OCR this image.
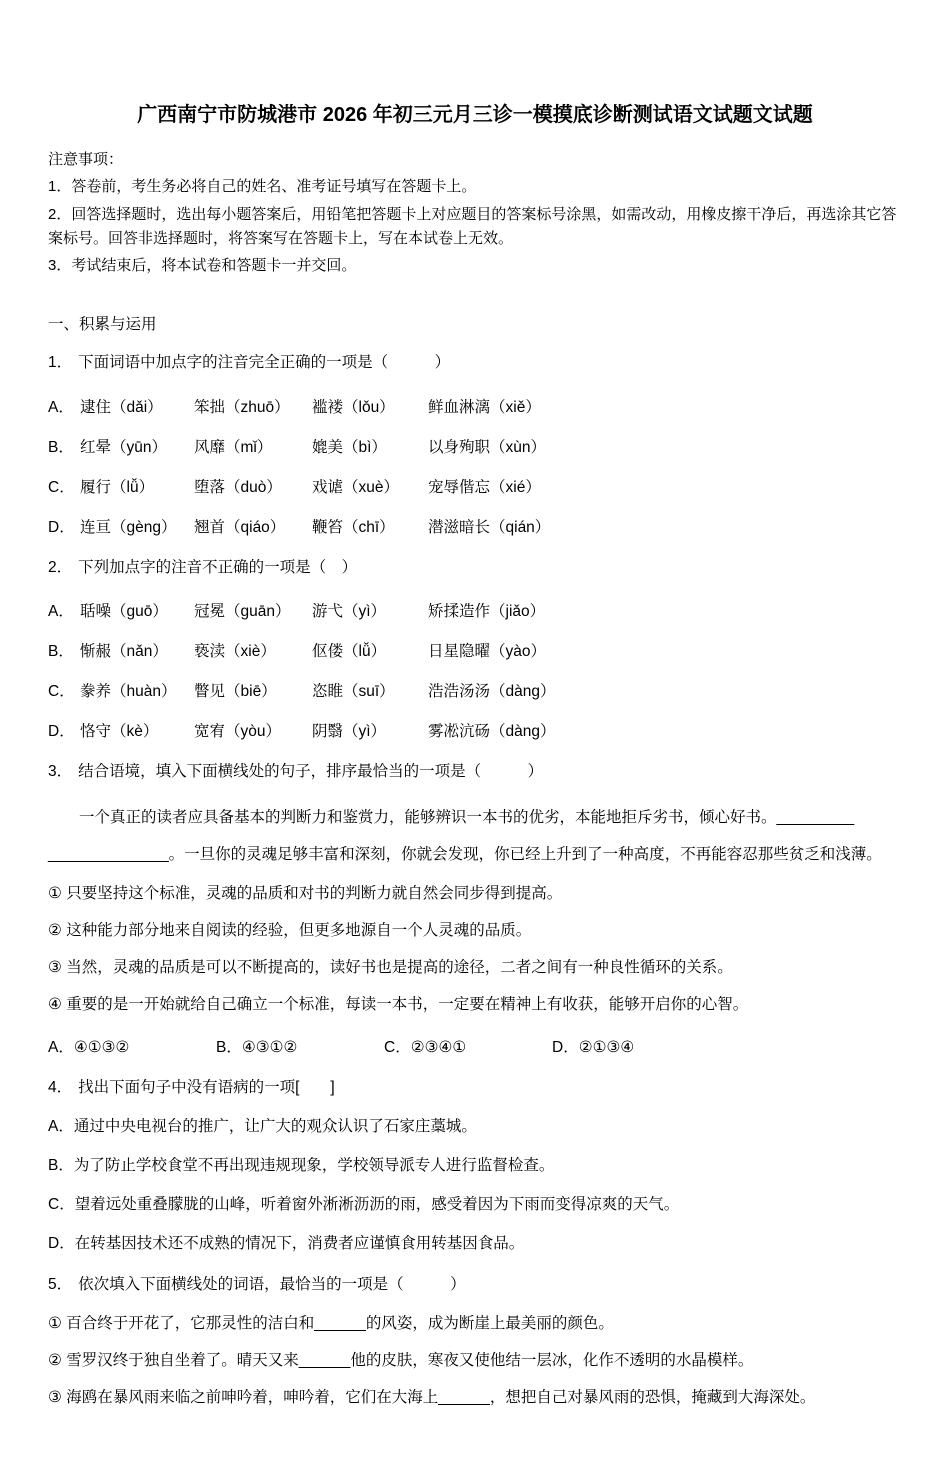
广西南宁市防城港市 2026 年初三元月三诊一模摸底诊断测试语文试题文试题

注意事项：

1．答卷前，考生务必将自己的姓名、准考证号填写在答题卡上。

2．回答选择题时，选出每小题答案后，用铅笔把答题卡上对应题目的答案标号涂黑，如需改动，用橡皮擦干净后，再选涂其它答案标号。回答非选择题时，将答案写在答题卡上，写在本试卷上无效。

3．考试结束后，将本试卷和答题卡一并交回。

一、积累与运用

1． 下面词语中加点字的注音完全正确的一项是（　　　）

A． 逮住（dǎi）	笨拙（zhuō）	褴褛（lǒu）	鲜血淋漓（xiě）
B． 红晕（yūn）	风靡（mǐ）	媲美（bì）	以身殉职（xùn）
C． 履行（lǚ）	堕落（duò）	戏谑（xuè）	宠辱偕忘（xié）
D． 连亘（gèng） 翘首（qiáo）	鞭笞（chī）	潜滋暗长（qián）

2． 下列加点字的注音不正确的一项是（　）

A． 聒噪（guō）	冠冕（guān）	游弋（yì）	矫揉造作（jiǎo）
B． 惭赧（nǎn）	亵渎（xiè）	伛偻（lǚ）	日星隐曜（yào）
C． 豢养（huàn） 瞥见（biē）	恣睢（suī）	浩浩汤汤（dàng）
D． 恪守（kè）	宽宥（yòu）	阴翳（yì）	雾凇沆砀（dàng）

3． 结合语境，填入下面横线处的句子，排序最恰当的一项是（　　　）

一个真正的读者应具备基本的判断力和鉴赏力，能够辨识一本书的优劣，本能地拒斥劣书，倾心好书。_________

______________。一旦你的灵魂足够丰富和深刻，你就会发现，你已经上升到了一种高度，不再能容忍那些贫乏和浅薄。

① 只要坚持这个标准，灵魂的品质和对书的判断力就自然会同步得到提高。

② 这种能力部分地来自阅读的经验，但更多地源自一个人灵魂的品质。

③ 当然，灵魂的品质是可以不断提高的，读好书也是提高的途径，二者之间有一种良性循环的关系。

④ 重要的是一开始就给自己确立一个标准，每读一本书，一定要在精神上有收获，能够开启你的心智。

A．④①③②	B．④③①②	C．②③④①	D．②①③④

4． 找出下面句子中没有语病的一项[　　]

A．通过中央电视台的推广，让广大的观众认识了石家庄藁城。

B．为了防止学校食堂不再出现违规现象，学校领导派专人进行监督检查。

C．望着远处重叠朦胧的山峰，听着窗外淅淅沥沥的雨，感受着因为下雨而变得凉爽的天气。

D．在转基因技术还不成熟的情况下，消费者应谨慎食用转基因食品。

5． 依次填入下面横线处的词语，最恰当的一项是（　　　）

① 百合终于开花了，它那灵性的洁白和______的风姿，成为断崖上最美丽的颜色。

② 雪罗汉终于独自坐着了。晴天又来______他的皮肤，寒夜又使他结一层冰，化作不透明的水晶模样。

③ 海鸥在暴风雨来临之前呻吟着，呻吟着，它们在大海上______，想把自己对暴风雨的恐惧，掩藏到大海深处。
